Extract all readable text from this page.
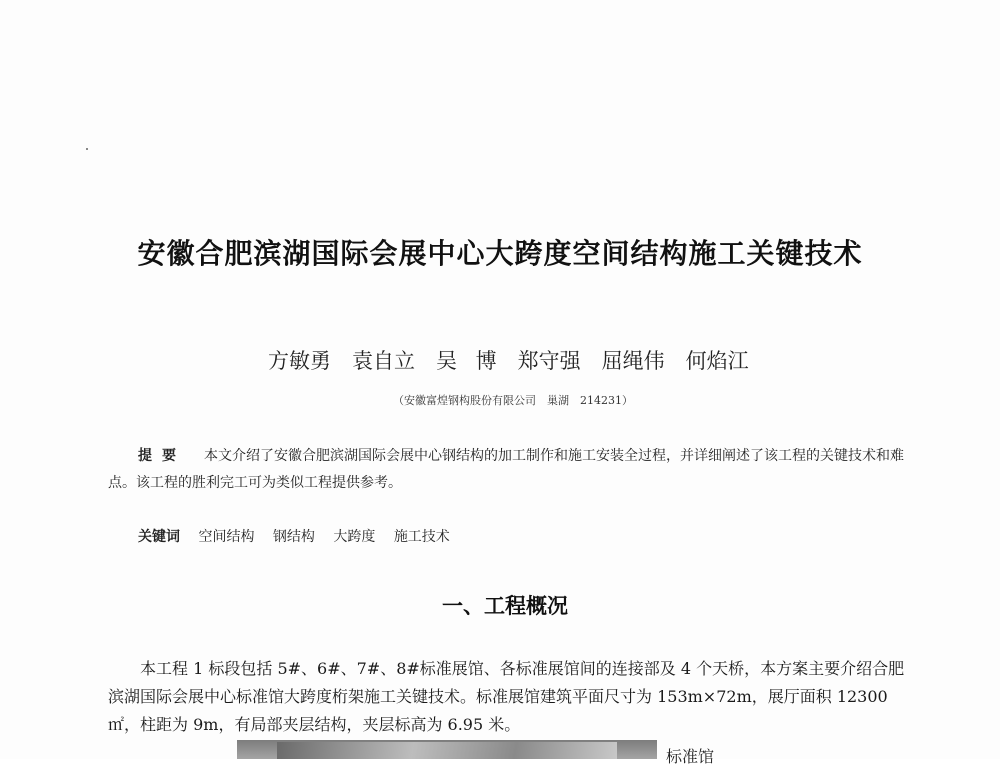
安徽合肥滨湖国际会展中心大跨度空间结构施工关键技术
方敏勇　袁自立　吴 博　郑守强　屈绳伟　何焰江
（安徽富煌钢构股份有限公司　巢湖　214231）
提要 本文介绍了安徽合肥滨湖国际会展中心钢结构的加工制作和施工安装全过程，并详细阐述了该工程的关键技术和难点。该工程的胜利完工可为类似工程提供参考。
关键词 空间结构 钢结构 大跨度 施工技术
一、工程概况
本工程 1 标段包括 5#、6#、7#、8#标准展馆、各标准展馆间的连接部及 4 个天桥，本方案主要介绍合肥滨湖国际会展中心标准馆大跨度桁架施工关键技术。标准展馆建筑平面尺寸为 153m×72m，展厅面积 12300 ㎡，柱距为 9m，有局部夹层结构，夹层标高为 6.95 米。
标准馆
